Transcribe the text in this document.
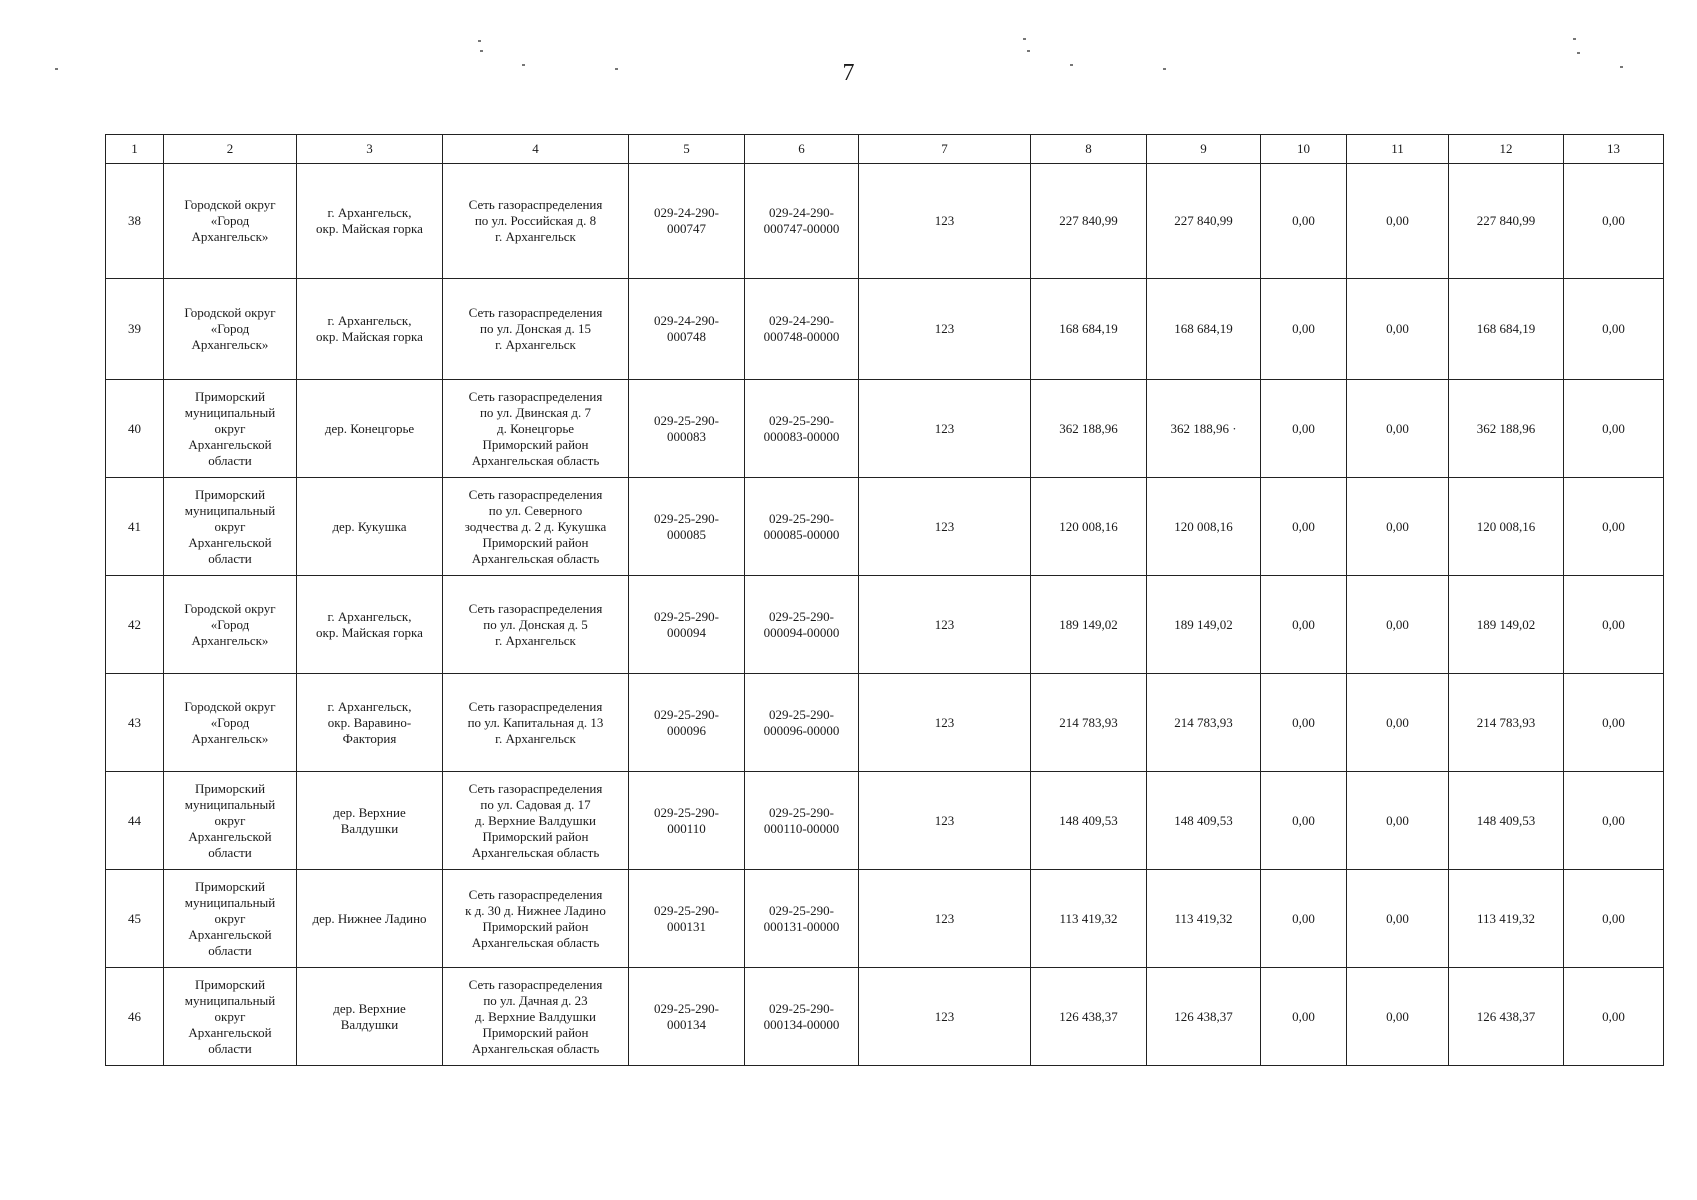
7
1	2	3	4	5	6	7	8	9	10	11	12	13
38	Городской округ
«Город
Архангельск»	г. Архангельск,
окр. Майская горка	Сеть газораспределения
по ул. Российская д. 8
г. Архангельск	029-24-290-
000747	029-24-290-
000747-00000	123	227 840,99	227 840,99	0,00	0,00	227 840,99	0,00
39	Городской округ
«Город
Архангельск»	г. Архангельск,
окр. Майская горка	Сеть газораспределения
по ул. Донская д. 15
г. Архангельск	029-24-290-
000748	029-24-290-
000748-00000	123	168 684,19	168 684,19	0,00	0,00	168 684,19	0,00
40	Приморский
муниципальный
округ
Архангельской
области	дер. Конецгорье	Сеть газораспределения
по ул. Двинская д. 7
д. Конецгорье
Приморский район
Архангельская область	029-25-290-
000083	029-25-290-
000083-00000	123	362 188,96	362 188,96 ·	0,00	0,00	362 188,96	0,00
41	Приморский
муниципальный
округ
Архангельской
области	дер. Кукушка	Сеть газораспределения
по ул. Северного
зодчества д. 2 д. Кукушка
Приморский район
Архангельская область	029-25-290-
000085	029-25-290-
000085-00000	123	120 008,16	120 008,16	0,00	0,00	120 008,16	0,00
42	Городской округ
«Город
Архангельск»	г. Архангельск,
окр. Майская горка	Сеть газораспределения
по ул. Донская д. 5
г. Архангельск	029-25-290-
000094	029-25-290-
000094-00000	123	189 149,02	189 149,02	0,00	0,00	189 149,02	0,00
43	Городской округ
«Город
Архангельск»	г. Архангельск,
окр. Варавино-
Фактория	Сеть газораспределения
по ул. Капитальная д. 13
г. Архангельск	029-25-290-
000096	029-25-290-
000096-00000	123	214 783,93	214 783,93	0,00	0,00	214 783,93	0,00
44	Приморский
муниципальный
округ
Архангельской
области	дер. Верхние
Валдушки	Сеть газораспределения
по ул. Садовая д. 17
д. Верхние Валдушки
Приморский район
Архангельская область	029-25-290-
000110	029-25-290-
000110-00000	123	148 409,53	148 409,53	0,00	0,00	148 409,53	0,00
45	Приморский
муниципальный
округ
Архангельской
области	дер. Нижнее Ладино	Сеть газораспределения
к д. 30 д. Нижнее Ладино
Приморский район
Архангельская область	029-25-290-
000131	029-25-290-
000131-00000	123	113 419,32	113 419,32	0,00	0,00	113 419,32	0,00
46	Приморский
муниципальный
округ
Архангельской
области	дер. Верхние
Валдушки	Сеть газораспределения
по ул. Дачная д. 23
д. Верхние Валдушки
Приморский район
Архангельская область	029-25-290-
000134	029-25-290-
000134-00000	123	126 438,37	126 438,37	0,00	0,00	126 438,37	0,00
